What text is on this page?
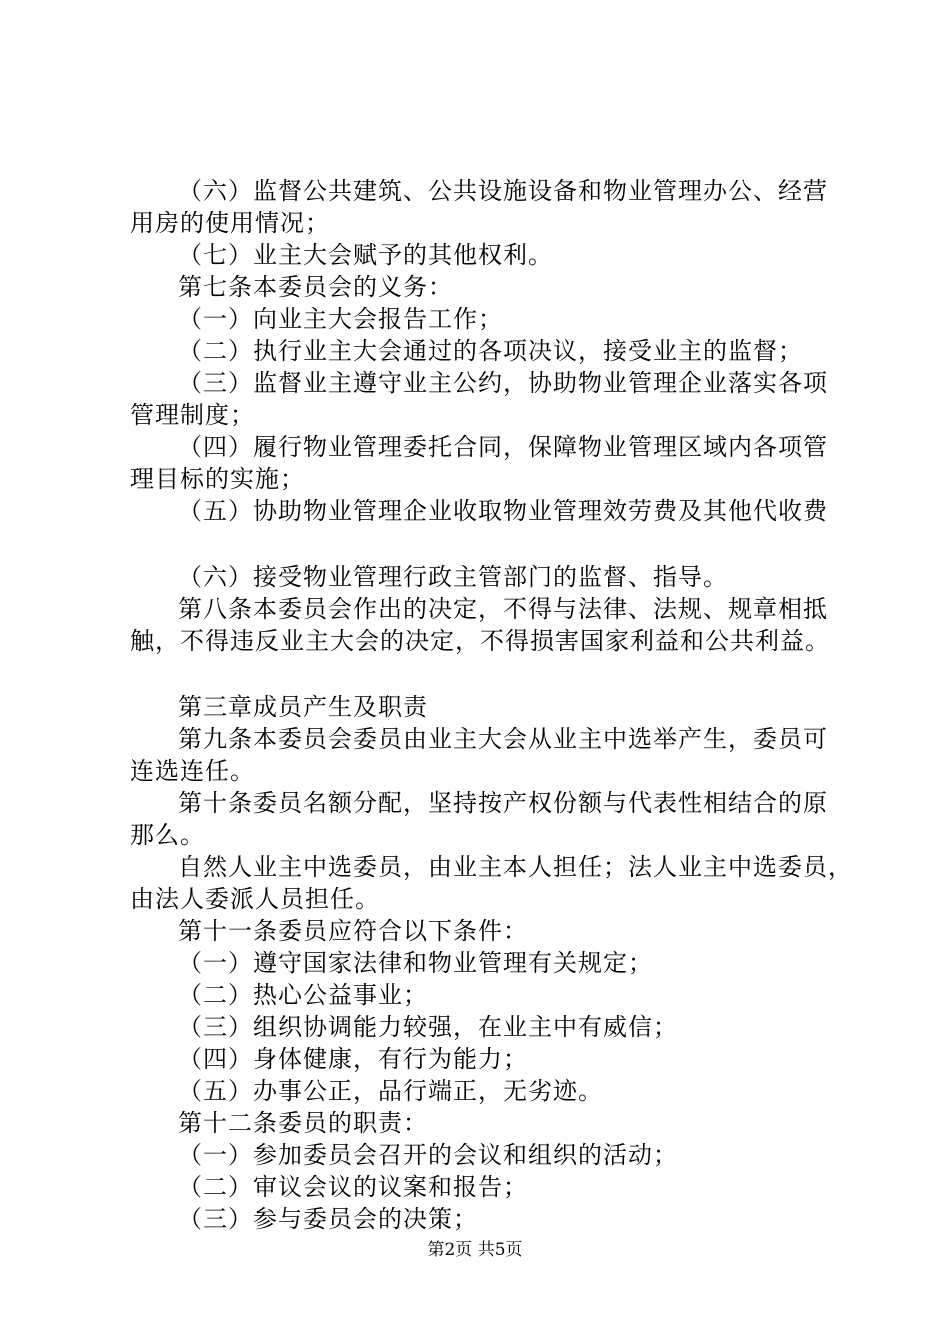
（六）监督公共建筑、公共设施设备和物业管理办公、经营
用房的使用情况；
（七）业主大会赋予的其他权利。
第七条本委员会的义务：
（一）向业主大会报告工作；
（二）执行业主大会通过的各项决议，接受业主的监督；
（三）监督业主遵守业主公约，协助物业管理企业落实各项
管理制度；
（四）履行物业管理委托合同，保障物业管理区域内各项管
理目标的实施；
（五）协助物业管理企业收取物业管理效劳费及其他代收费
（六）接受物业管理行政主管部门的监督、指导。
第八条本委员会作出的决定，不得与法律、法规、规章相抵
触，不得违反业主大会的决定，不得损害国家利益和公共利益。
第三章成员产生及职责
第九条本委员会委员由业主大会从业主中选举产生，委员可
连选连任。
第十条委员名额分配，坚持按产权份额与代表性相结合的原
那么。
自然人业主中选委员，由业主本人担任；法人业主中选委员，
由法人委派人员担任。
第十一条委员应符合以下条件：
（一）遵守国家法律和物业管理有关规定；
（二）热心公益事业；
（三）组织协调能力较强，在业主中有威信；
（四）身体健康，有行为能力；
（五）办事公正，品行端正，无劣迹。
第十二条委员的职责：
（一）参加委员会召开的会议和组织的活动；
（二）审议会议的议案和报告；
（三）参与委员会的决策；
第2页 共5页
